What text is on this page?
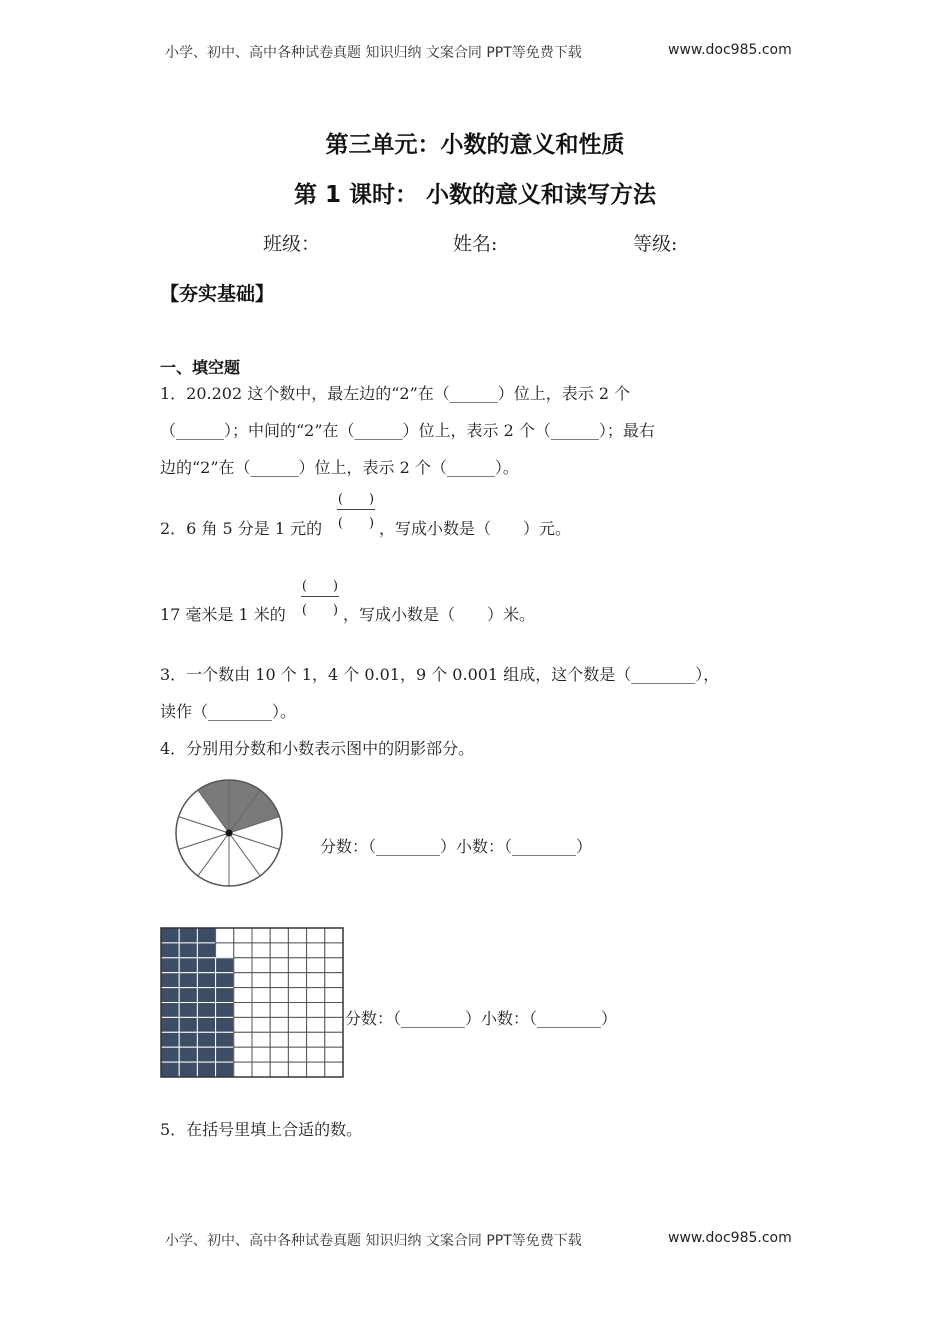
小学、初中、高中各种试卷真题 知识归纳 文案合同 PPT等免费下载	www.doc985.com
第三单元：小数的意义和性质
第 1 课时： 小数的意义和读写方法
班级：	姓名:	等级:
【夯实基础】
一、填空题
1．20.202 这个数中，最左边的“2”在（______）位上，表示 2 个
（______）；中间的“2”在（______）位上，表示 2 个（______）；最右
边的“2”在（______）位上，表示 2 个（______）。
2．6 角 5 分是 1 元的
(　　)
(　　) ，写成小数是（　　）元。
17 毫米是 1 米的
(　　)
(　　) ，写成小数是（　　）米。
3．一个数由 10 个 1，4 个 0.01，9 个 0.001 组成，这个数是（________），
读作（________）。
4．分别用分数和小数表示图中的阴影部分。
分数：（________）小数：（________）
分数：（________）小数：（________）
5．在括号里填上合适的数。
小学、初中、高中各种试卷真题 知识归纳 文案合同 PPT等免费下载	www.doc985.com
